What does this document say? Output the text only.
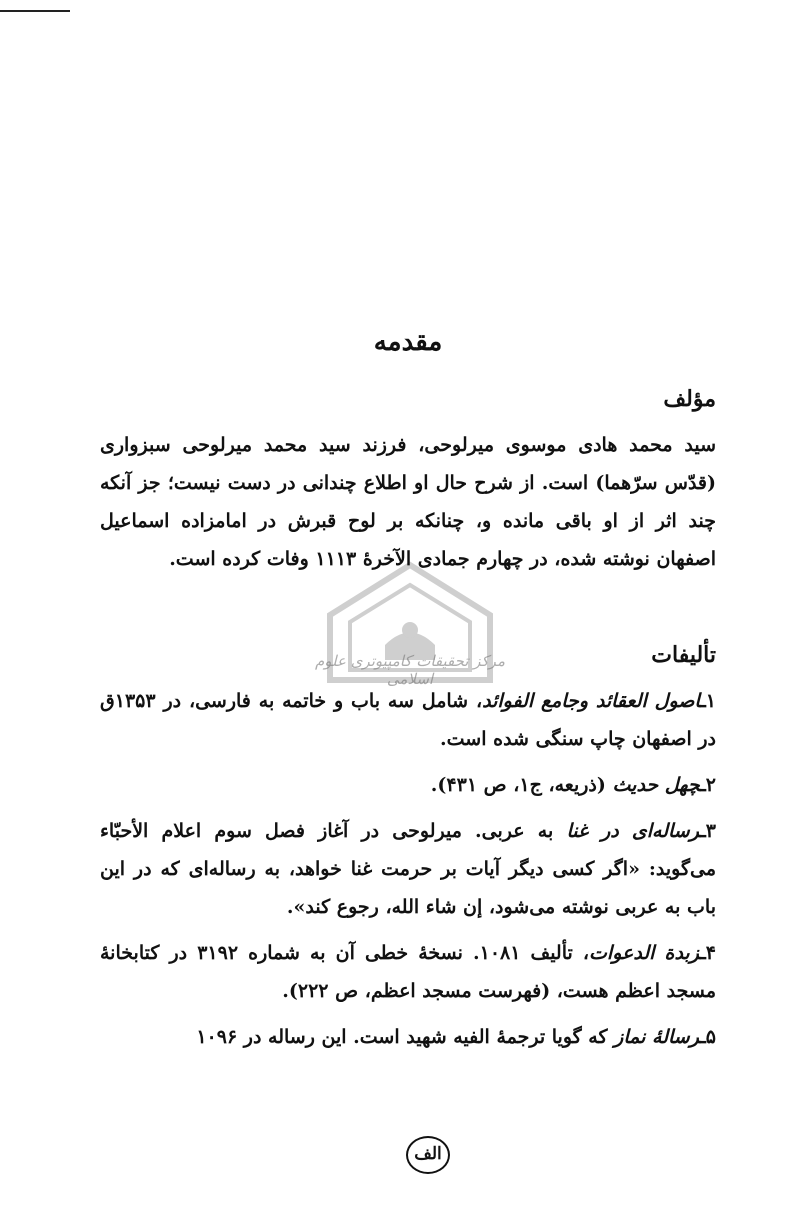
مرکز تحقیقات کامپیوتری علوم اسلامی
مقدمه
مؤلف

سید محمد هادی موسوی میرلوحی، فرزند سید محمد میرلوحی سبزواری (قدّس سرّهما) است. از شرح حال او اطلاع چندانی در دست نیست؛ جز آنکه چند اثر از او باقی مانده و، چنانکه بر لوح قبرش در امامزاده اسماعیل اصفهان نوشته شده، در چهارم جمادی الآخرهٔ ۱۱۱۳ وفات کرده است.

تألیفات

۱ـاصول العقائد وجامع الفوائد، شامل سه باب و خاتمه به فارسی، در ۱۳۵۳ق در اصفهان چاپ سنگی شده است.

۲ـچهل حدیث (ذریعه، ج۱، ص ۴۳۱).

۳ـرساله‌ای در غنا به عربی. میرلوحی در آغاز فصل سوم اعلام الأحبّاء می‌گوید: «اگر کسی دیگر آیات بر حرمت غنا خواهد، به رساله‌ای که در این باب به عربی نوشته می‌شود، إن شاء الله، رجوع کند».

۴ـزبدة الدعوات، تألیف ۱۰۸۱. نسخهٔ خطی آن به شماره ۳۱۹۲ در کتابخانهٔ مسجد اعظم هست، (فهرست مسجد اعظم، ص ۲۲۲).

۵ـرسالهٔ نماز که گویا ترجمهٔ الفیه شهید است. این رساله در ۱۰۹۶

الف
